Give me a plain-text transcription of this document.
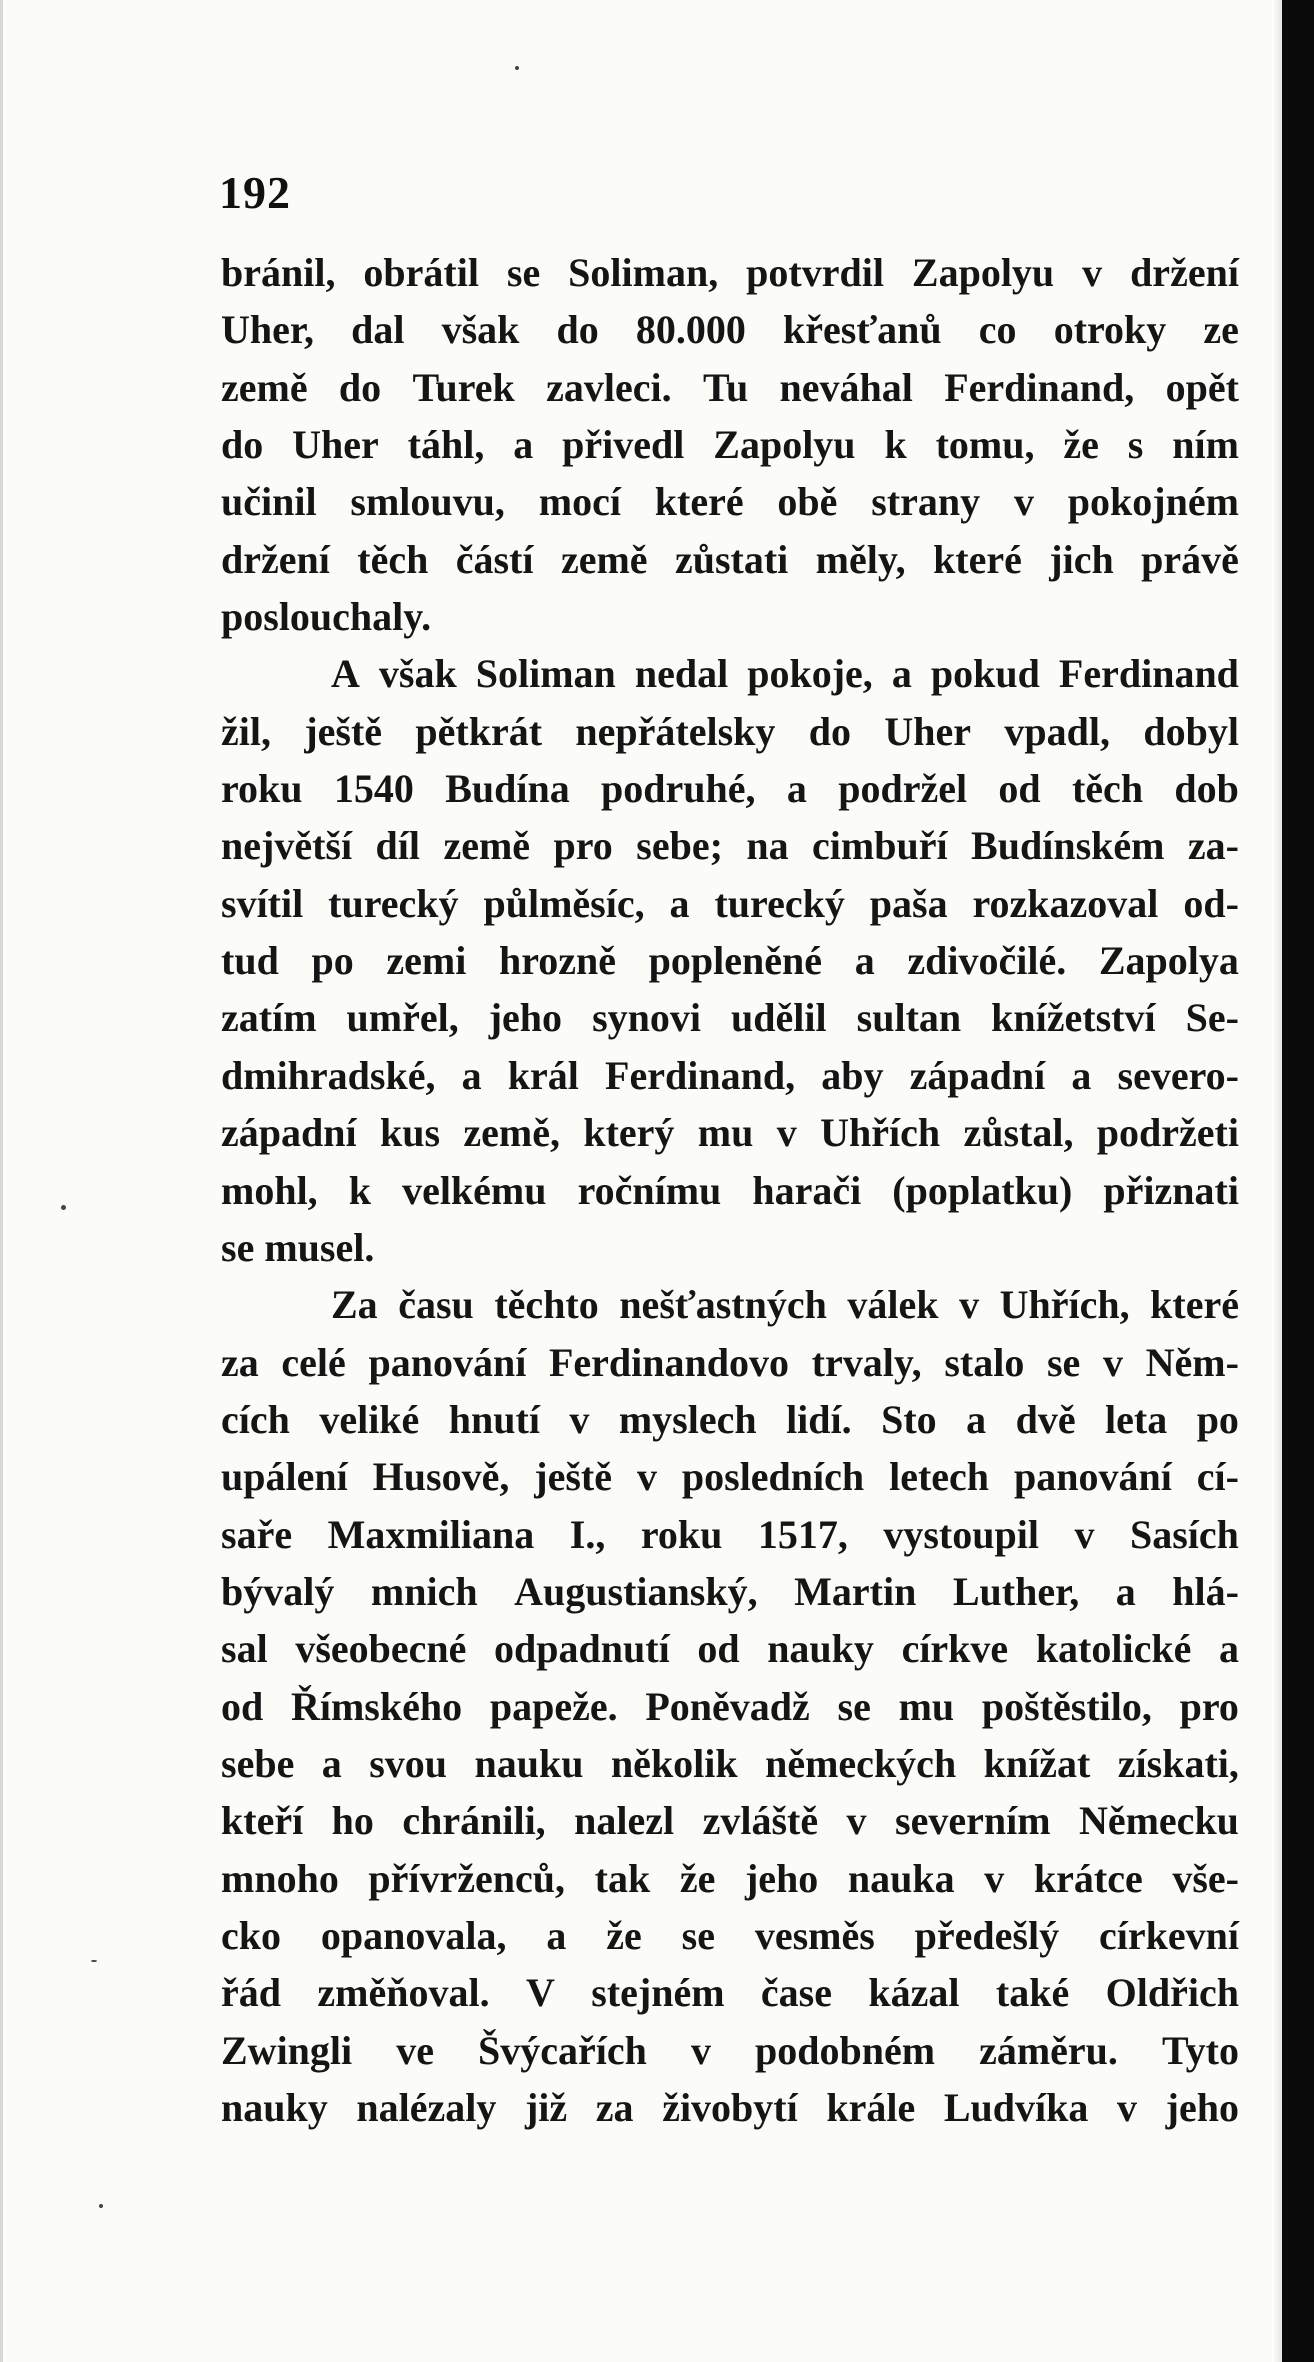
192
bránil, obrátil se Soliman, potvrdil Zapolyu v držení
Uher, dal však do 80.000 křesťanů co otroky ze
země do Turek zavleci. Tu neváhal Ferdinand, opět
do Uher táhl, a přivedl Zapolyu k tomu, že s ním
učinil smlouvu, mocí které obě strany v pokojném
držení těch částí země zůstati měly, které jich právě
poslouchaly.
A však Soliman nedal pokoje, a pokud Ferdinand
žil, ještě pětkrát nepřátelsky do Uher vpadl, dobyl
roku 1540 Budína podruhé, a podržel od těch dob
největší díl země pro sebe; na cimbuří Budínském za-
svítil turecký půlměsíc, a turecký paša rozkazoval od-
tud po zemi hrozně popleněné a zdivočilé. Zapolya
zatím umřel, jeho synovi udělil sultan knížetství Se-
dmihradské, a král Ferdinand, aby západní a severo-
západní kus země, který mu v Uhřích zůstal, podržeti
mohl, k velkému ročnímu harači (poplatku) přiznati
se musel.
Za času těchto nešťastných válek v Uhřích, které
za celé panování Ferdinandovo trvaly, stalo se v Něm-
cích veliké hnutí v myslech lidí. Sto a dvě leta po
upálení Husově, ještě v posledních letech panování cí-
saře Maxmiliana I., roku 1517, vystoupil v Sasích
bývalý mnich Augustianský, Martin Luther, a hlá-
sal všeobecné odpadnutí od nauky církve katolické a
od Římského papeže. Poněvadž se mu poštěstilo, pro
sebe a svou nauku několik německých knížat získati,
kteří ho chránili, nalezl zvláště v severním Německu
mnoho přívrženců, tak že jeho nauka v krátce vše-
cko opanovala, a že se vesměs předešlý církevní
řád změňoval. V stejném čase kázal také Oldřich
Zwingli ve Švýcařích v podobném záměru. Tyto
nauky nalézaly již za živobytí krále Ludvíka v jeho
